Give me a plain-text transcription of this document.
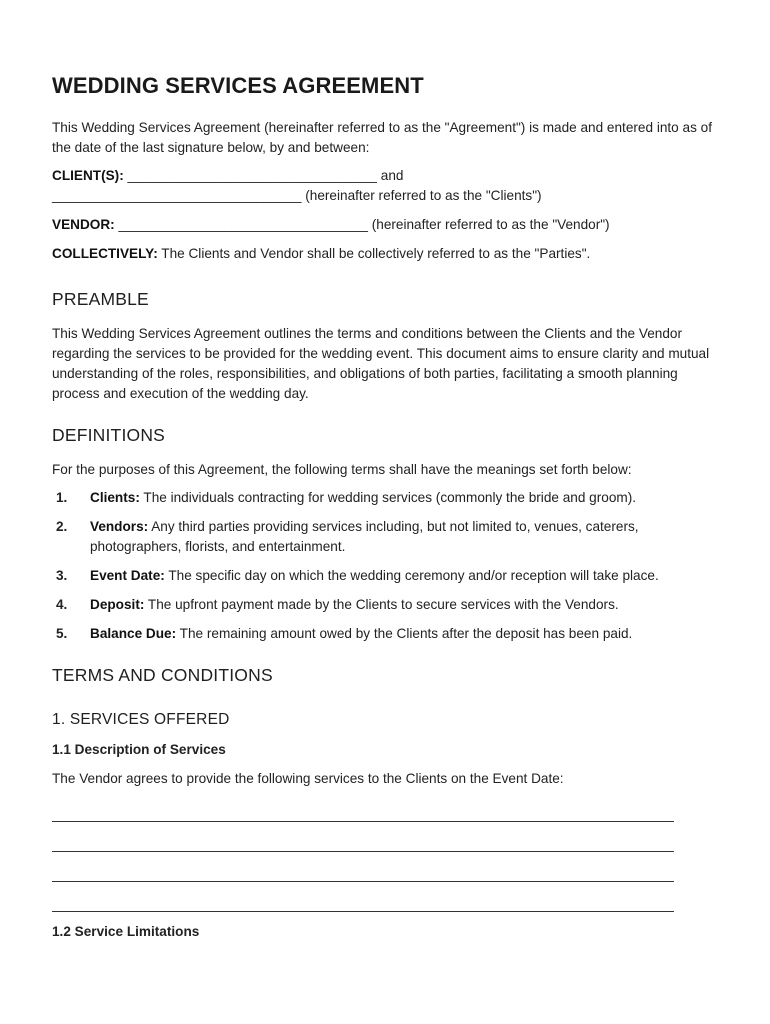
WEDDING SERVICES AGREEMENT

This Wedding Services Agreement (hereinafter referred to as the "Agreement") is made and entered into as of the date of the last signature below, by and between:

CLIENT(S): _________________________________ and
_________________________________ (hereinafter referred to as the "Clients")

VENDOR: _________________________________ (hereinafter referred to as the "Vendor")

COLLECTIVELY: The Clients and Vendor shall be collectively referred to as the "Parties".

PREAMBLE

This Wedding Services Agreement outlines the terms and conditions between the Clients and the Vendor regarding the services to be provided for the wedding event. This document aims to ensure clarity and mutual understanding of the roles, responsibilities, and obligations of both parties, facilitating a smooth planning process and execution of the wedding day.

DEFINITIONS

For the purposes of this Agreement, the following terms shall have the meanings set forth below:

1.	Clients: The individuals contracting for wedding services (commonly the bride and groom).
2.	Vendors: Any third parties providing services including, but not limited to, venues, caterers, photographers, florists, and entertainment.
3.	Event Date: The specific day on which the wedding ceremony and/or reception will take place.
4.	Deposit: The upfront payment made by the Clients to secure services with the Vendors.
5.	Balance Due: The remaining amount owed by the Clients after the deposit has been paid.
TERMS AND CONDITIONS
1. SERVICES OFFERED
1.1 Description of Services

The Vendor agrees to provide the following services to the Clients on the Event Date:

1.2 Service Limitations
